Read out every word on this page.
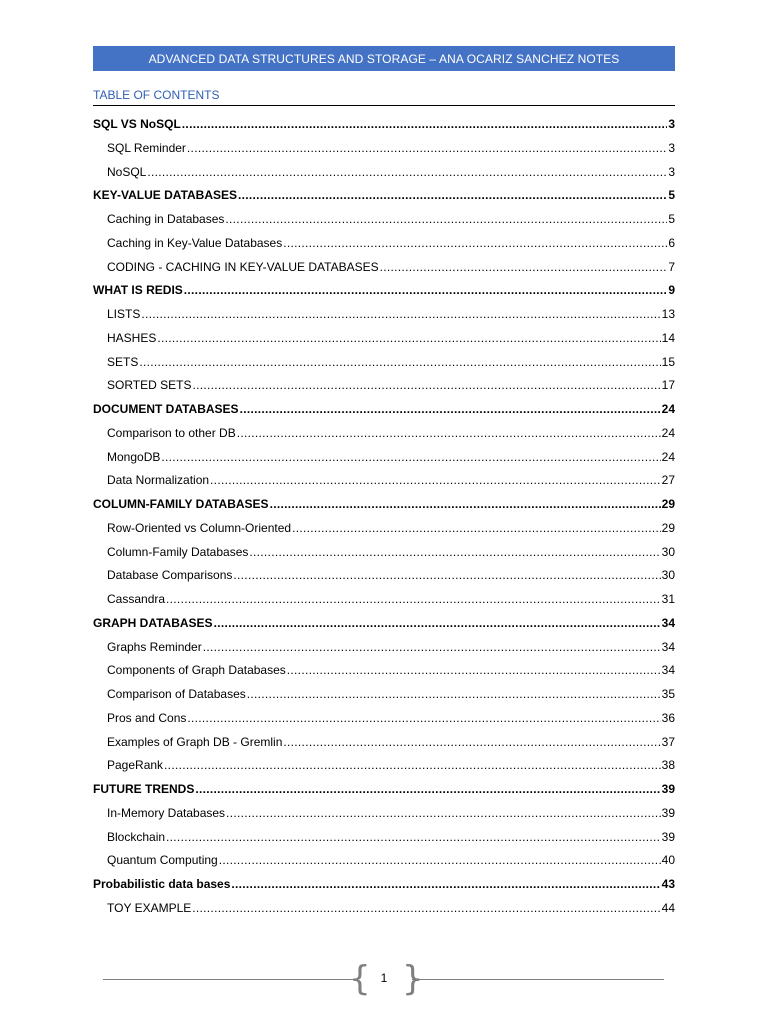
ADVANCED DATA STRUCTURES AND STORAGE – ANA OCARIZ SANCHEZ NOTES
TABLE OF CONTENTS
SQL VS NoSQL .....	3
SQL Reminder .....	3
NoSQL .....	3
KEY-VALUE DATABASES .....	5
Caching in Databases .....	5
Caching in Key-Value Databases .....	6
CODING - CACHING IN KEY-VALUE DATABASES .....	7
WHAT IS REDIS .....	9
LISTS .....	13
HASHES .....	14
SETS .....	15
SORTED SETS .....	17
DOCUMENT DATABASES .....	24
Comparison to other DB .....	24
MongoDB .....	24
Data Normalization .....	27
COLUMN-FAMILY DATABASES .....	29
Row-Oriented vs Column-Oriented .....	29
Column-Family Databases .....	30
Database Comparisons .....	30
Cassandra .....	31
GRAPH DATABASES .....	34
Graphs Reminder .....	34
Components of Graph Databases .....	34
Comparison of Databases .....	35
Pros and Cons .....	36
Examples of Graph DB - Gremlin .....	37
PageRank .....	38
FUTURE TRENDS .....	39
In-Memory Databases .....	39
Blockchain .....	39
Quantum Computing .....	40
Probabilistic data bases .....	43
TOY EXAMPLE .....	44
{ }
1
